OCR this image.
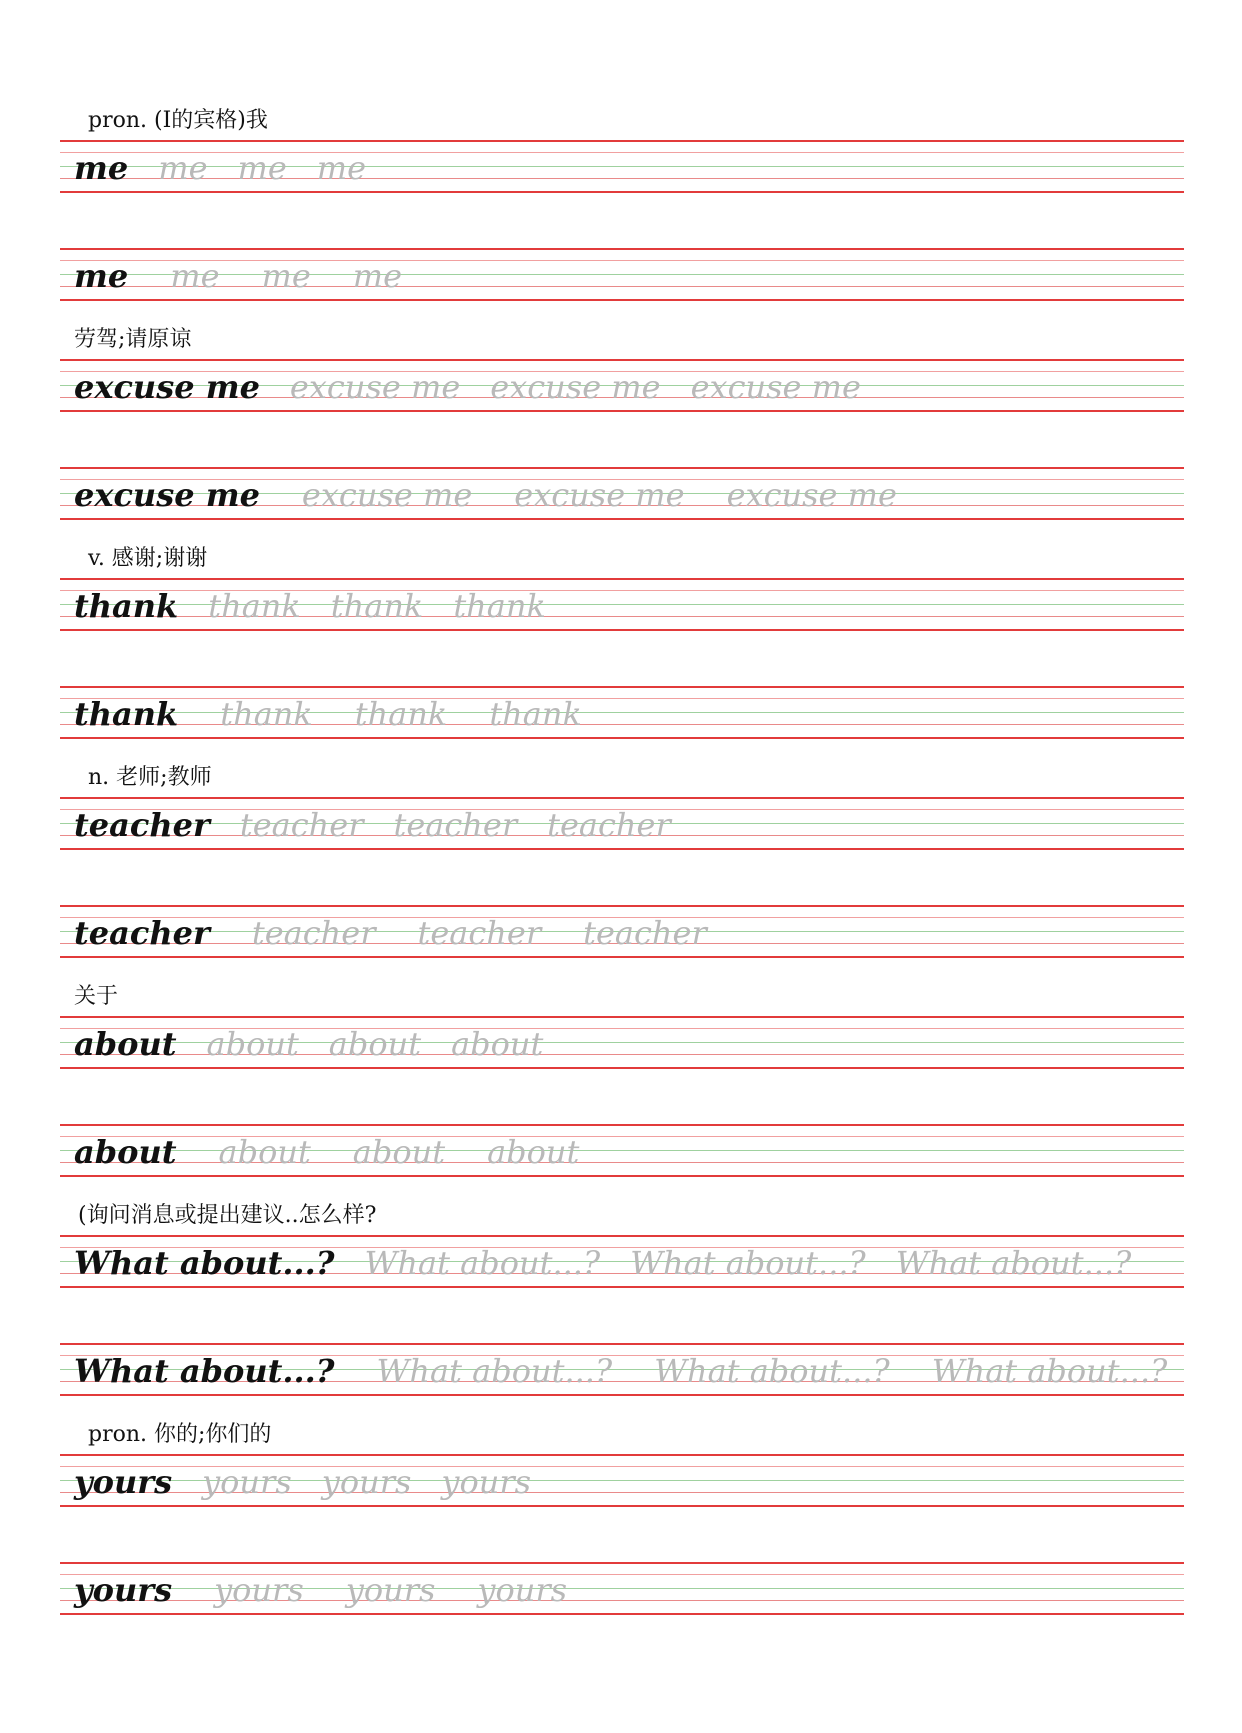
pron. (I的宾格)我
me me me me
me me me me
劳驾;请原谅
excuse me excuse me excuse me excuse me
excuse me excuse me excuse me excuse me
v. 感谢;谢谢
thank thank thank thank
thank thank thank thank
n. 老师;教师
teacher teacher teacher teacher
teacher teacher teacher teacher
关于
about about about about
about about about about
(询问消息或提出建议..怎么样?
What about...? What about...? What about...? What about...?
What about...? What about...? What about...? What about...?
pron. 你的;你们的
yours yours yours yours
yours yours yours yours
